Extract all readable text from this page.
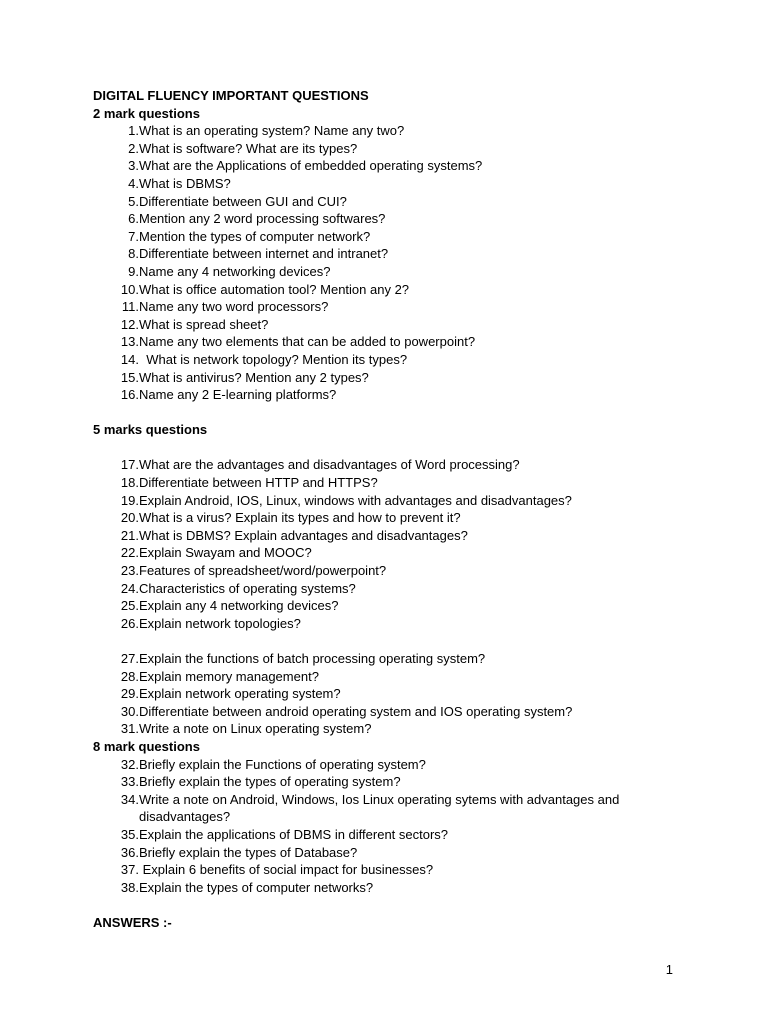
DIGITAL FLUENCY IMPORTANT QUESTIONS
2 mark questions
1. What is an operating system? Name any two?
2. What is software? What are its types?
3. What are the Applications of embedded operating systems?
4. What is DBMS?
5. Differentiate between GUI and CUI?
6. Mention any 2 word processing softwares?
7. Mention the types of computer network?
8. Differentiate between internet and intranet?
9. Name any 4 networking devices?
10. What is office automation tool? Mention any 2?
11. Name any two word processors?
12. What is spread sheet?
13. Name any two elements that can be added to powerpoint?
14. What is network topology? Mention its types?
15. What is antivirus? Mention any 2 types?
16. Name any 2 E-learning platforms?
5 marks questions
17. What are the advantages and disadvantages of Word processing?
18. Differentiate between HTTP and HTTPS?
19. Explain Android, IOS, Linux, windows with advantages and disadvantages?
20. What is a virus? Explain its types and how to prevent it?
21. What is DBMS? Explain advantages and disadvantages?
22. Explain Swayam and MOOC?
23. Features of spreadsheet/word/powerpoint?
24. Characteristics of operating systems?
25. Explain any 4 networking devices?
26. Explain network topologies?
27. Explain the functions of batch processing operating system?
28. Explain memory management?
29. Explain network operating system?
30. Differentiate between android operating system and IOS operating system?
31. Write a note on Linux operating system?
8 mark questions
32. Briefly explain the Functions of operating system?
33. Briefly explain the types of operating system?
34. Write a note on Android, Windows, Ios Linux operating sytems with advantages and disadvantages?
35. Explain the applications of DBMS in different sectors?
36. Briefly explain the types of Database?
37. Explain 6 benefits of social impact for businesses?
38. Explain the types of computer networks?
ANSWERS :-
1
